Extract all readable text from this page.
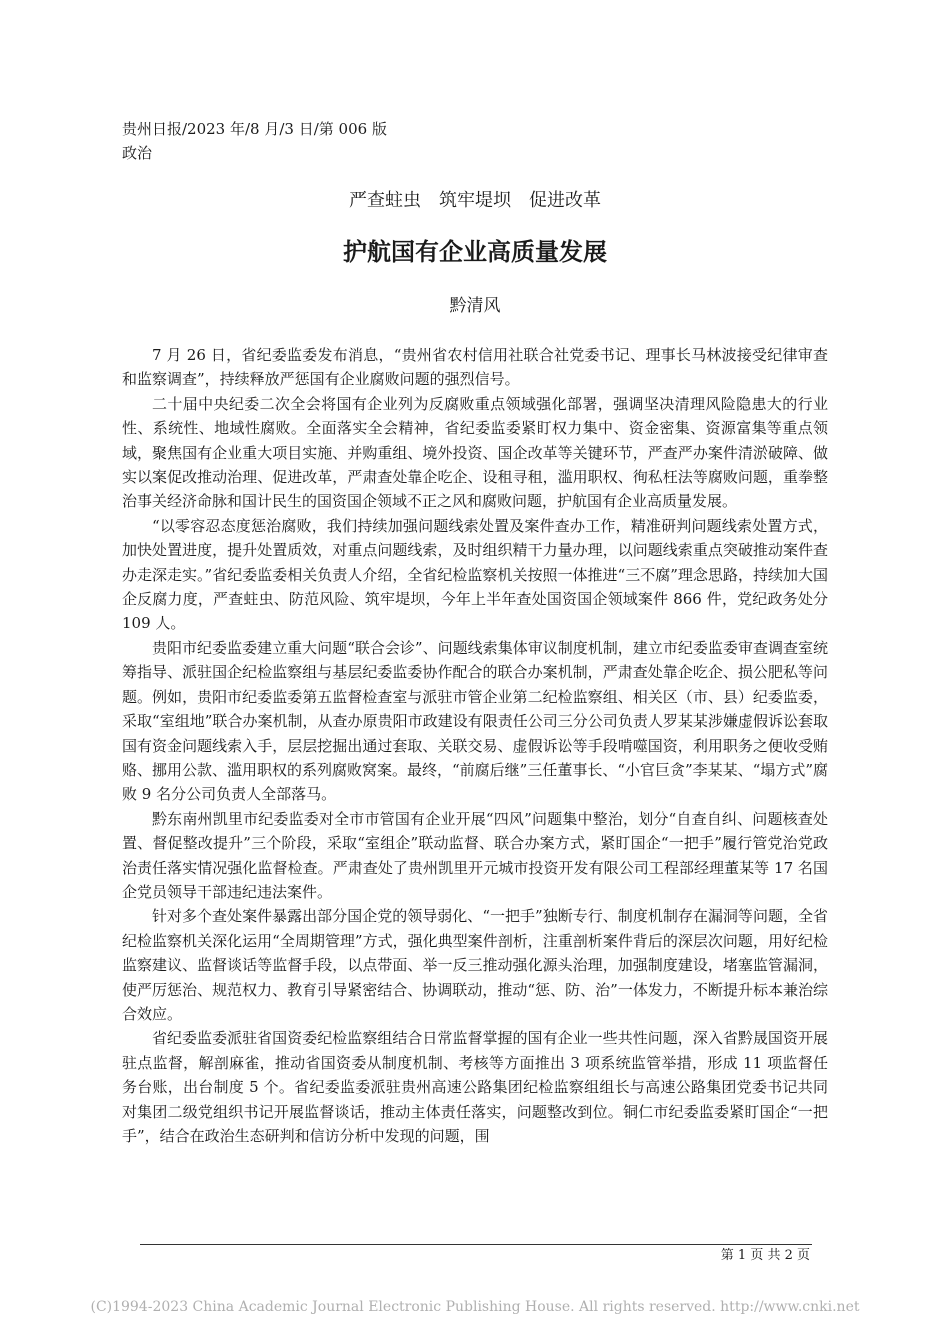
贵州日报/2023 年/8 月/3 日/第 006 版
政治
严查蛀虫　筑牢堤坝　促进改革
护航国有企业高质量发展
黔清风

7 月 26 日，省纪委监委发布消息，“贵州省农村信用社联合社党委书记、理事长马林波接受纪律审查和监察调查”，持续释放严惩国有企业腐败问题的强烈信号。

二十届中央纪委二次全会将国有企业列为反腐败重点领域强化部署，强调坚决清理风险隐患大的行业性、系统性、地域性腐败。全面落实全会精神，省纪委监委紧盯权力集中、资金密集、资源富集等重点领域，聚焦国有企业重大项目实施、并购重组、境外投资、国企改革等关键环节，严查严办案件清淤破障、做实以案促改推动治理、促进改革，严肃查处靠企吃企、设租寻租，滥用职权、徇私枉法等腐败问题，重拳整治事关经济命脉和国计民生的国资国企领域不正之风和腐败问题，护航国有企业高质量发展。

“以零容忍态度惩治腐败，我们持续加强问题线索处置及案件查办工作，精准研判问题线索处置方式，加快处置进度，提升处置质效，对重点问题线索，及时组织精干力量办理，以问题线索重点突破推动案件查办走深走实。”省纪委监委相关负责人介绍，全省纪检监察机关按照一体推进“三不腐”理念思路，持续加大国企反腐力度，严查蛀虫、防范风险、筑牢堤坝，今年上半年查处国资国企领域案件 866 件，党纪政务处分 109 人。

贵阳市纪委监委建立重大问题“联合会诊”、问题线索集体审议制度机制，建立市纪委监委审查调查室统筹指导、派驻国企纪检监察组与基层纪委监委协作配合的联合办案机制，严肃查处靠企吃企、损公肥私等问题。例如，贵阳市纪委监委第五监督检查室与派驻市管企业第二纪检监察组、相关区（市、县）纪委监委，采取“室组地”联合办案机制，从查办原贵阳市政建设有限责任公司三分公司负责人罗某某涉嫌虚假诉讼套取国有资金问题线索入手，层层挖掘出通过套取、关联交易、虚假诉讼等手段啃噬国资，利用职务之便收受贿赂、挪用公款、滥用职权的系列腐败窝案。最终，“前腐后继”三任董事长、“小官巨贪”李某某、“塌方式”腐败 9 名分公司负责人全部落马。

黔东南州凯里市纪委监委对全市市管国有企业开展“四风”问题集中整治，划分“自查自纠、问题核查处置、督促整改提升”三个阶段，采取“室组企”联动监督、联合办案方式，紧盯国企“一把手”履行管党治党政治责任落实情况强化监督检查。严肃查处了贵州凯里开元城市投资开发有限公司工程部经理董某等 17 名国企党员领导干部违纪违法案件。

针对多个查处案件暴露出部分国企党的领导弱化、“一把手”独断专行、制度机制存在漏洞等问题，全省纪检监察机关深化运用“全周期管理”方式，强化典型案件剖析，注重剖析案件背后的深层次问题，用好纪检监察建议、监督谈话等监督手段，以点带面、举一反三推动强化源头治理，加强制度建设，堵塞监管漏洞，使严厉惩治、规范权力、教育引导紧密结合、协调联动，推动“惩、防、治”一体发力，不断提升标本兼治综合效应。

省纪委监委派驻省国资委纪检监察组结合日常监督掌握的国有企业一些共性问题，深入省黔晟国资开展驻点监督，解剖麻雀，推动省国资委从制度机制、考核等方面推出 3 项系统监管举措，形成 11 项监督任务台账，出台制度 5 个。省纪委监委派驻贵州高速公路集团纪检监察组组长与高速公路集团党委书记共同对集团二级党组织书记开展监督谈话，推动主体责任落实，问题整改到位。铜仁市纪委监委紧盯国企“一把手”，结合在政治生态研判和信访分析中发现的问题，围

第 1 页 共 2 页
(C)1994-2023 China Academic Journal Electronic Publishing House. All rights reserved. http://www.cnki.net
